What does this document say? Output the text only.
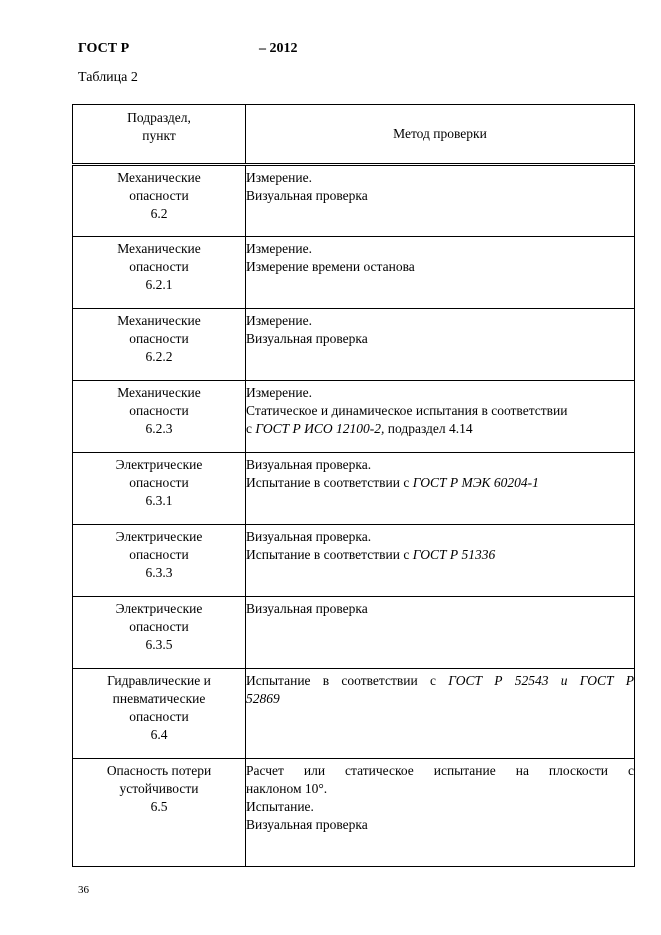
ГОСТ Р	– 2012
Таблица 2
Подраздел,
пункт	Метод проверки

Механические
опасности
6.2	Измерение.
Визуальная проверка

Механические
опасности
6.2.1	Измерение.
Измерение времени останова

Механические
опасности
6.2.2	Измерение.
Визуальная проверка

Механические
опасности
6.2.3	Измерение.
Статическое и динамическое испытания в соответствии
с ГОСТ Р ИСО 12100-2, подраздел 4.14

Электрические
опасности
6.3.1	Визуальная проверка.
Испытание в соответствии с ГОСТ Р МЭК 60204-1

Электрические
опасности
6.3.3	Визуальная проверка.
Испытание в соответствии с ГОСТ Р 51336

Электрические
опасности
6.3.5	Визуальная проверка

Гидравлические и
пневматические
опасности
6.4	Испытание в соответствии с ГОСТ Р 52543 и ГОСТ Р
52869

Опасность потери
устойчивости
6.5	Расчет или статическое испытание на плоскости с
наклоном 10°.
Испытание.
Визуальная проверка
36
